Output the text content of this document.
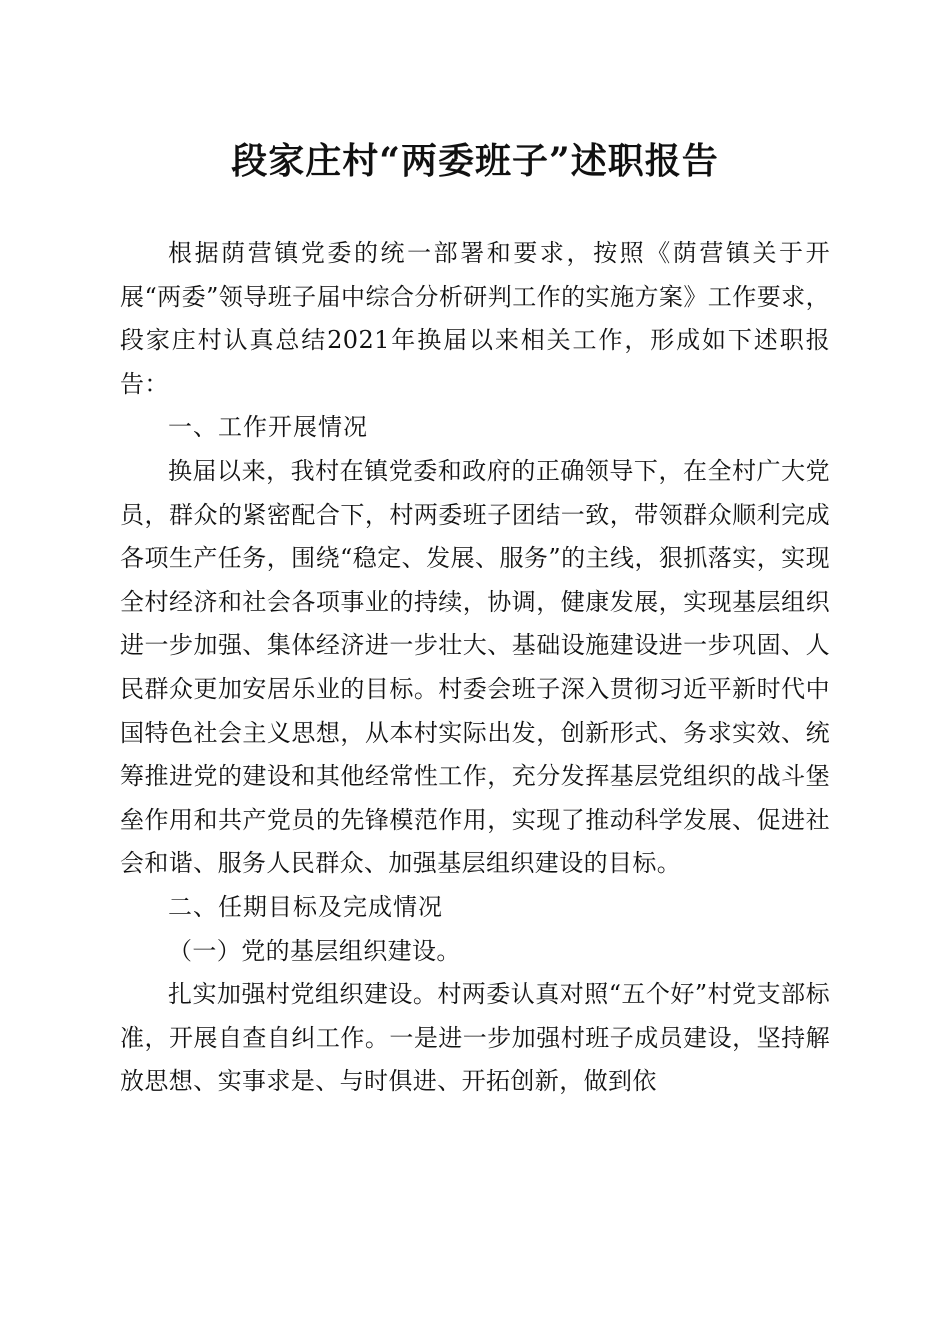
段家庄村“两委班子”述职报告

根据荫营镇党委的统一部署和要求，按照《荫营镇关于开展“两委”领导班子届中综合分析研判工作的实施方案》工作要求，段家庄村认真总结2021年换届以来相关工作，形成如下述职报告：

一、工作开展情况

换届以来，我村在镇党委和政府的正确领导下，在全村广大党员，群众的紧密配合下，村两委班子团结一致，带领群众顺利完成各项生产任务，围绕“稳定、发展、服务”的主线，狠抓落实，实现全村经济和社会各项事业的持续，协调，健康发展，实现基层组织进一步加强、集体经济进一步壮大、基础设施建设进一步巩固、人民群众更加安居乐业的目标。村委会班子深入贯彻习近平新时代中国特色社会主义思想，从本村实际出发，创新形式、务求实效、统筹推进党的建设和其他经常性工作，充分发挥基层党组织的战斗堡垒作用和共产党员的先锋模范作用，实现了推动科学发展、促进社会和谐、服务人民群众、加强基层组织建设的目标。

二、任期目标及完成情况

（一）党的基层组织建设。

扎实加强村党组织建设。村两委认真对照“五个好”村党支部标准，开展自查自纠工作。一是进一步加强村班子成员建设，坚持解放思想、实事求是、与时俱进、开拓创新，做到依
